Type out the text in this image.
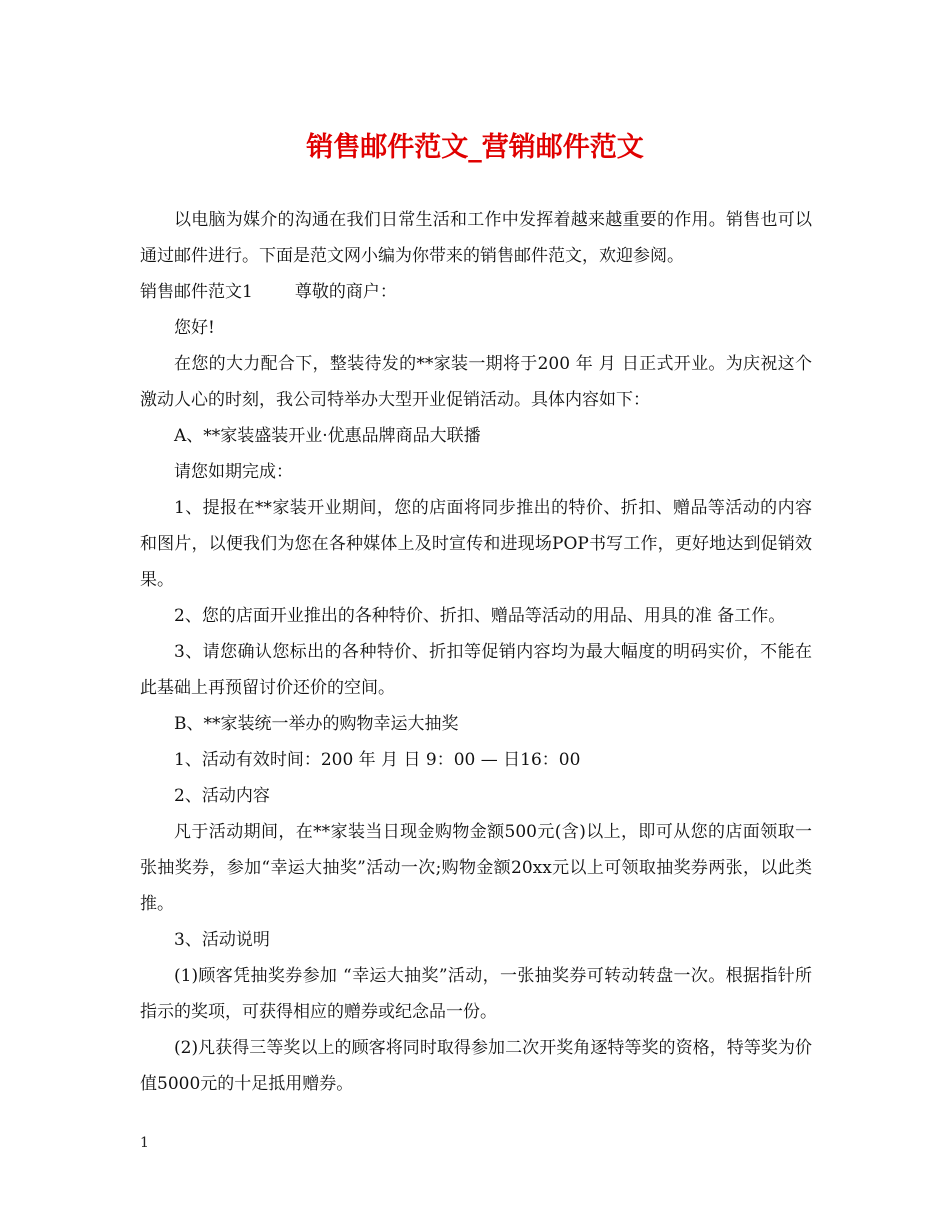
销售邮件范文_营销邮件范文

以电脑为媒介的沟通在我们日常生活和工作中发挥着越来越重要的作用。销售也可以通过邮件进行。下面是范文网小编为你带来的销售邮件范文，欢迎参阅。

销售邮件范文1 尊敬的商户：

您好!

在您的大力配合下，整装待发的**家装一期将于200 年 月 日正式开业。为庆祝这个激动人心的时刻，我公司特举办大型开业促销活动。具体内容如下：

A、**家装盛装开业·优惠品牌商品大联播

请您如期完成：

1、提报在**家装开业期间，您的店面将同步推出的特价、折扣、赠品等活动的内容和图片，以便我们为您在各种媒体上及时宣传和进现场POP书写工作，更好地达到促销效果。

2、您的店面开业推出的各种特价、折扣、赠品等活动的用品、用具的准 备工作。

3、请您确认您标出的各种特价、折扣等促销内容均为最大幅度的明码实价，不能在此基础上再预留讨价还价的空间。

B、**家装统一举办的购物幸运大抽奖

1、活动有效时间：200 年 月 日 9：00 — 日16：00

2、活动内容

凡于活动期间，在**家装当日现金购物金额500元(含)以上，即可从您的店面领取一张抽奖券，参加“幸运大抽奖”活动一次;购物金额20xx元以上可领取抽奖券两张，以此类推。

3、活动说明

(1)顾客凭抽奖券参加 “幸运大抽奖”活动，一张抽奖券可转动转盘一次。根据指针所指示的奖项，可获得相应的赠券或纪念品一份。

(2)凡获得三等奖以上的顾客将同时取得参加二次开奖角逐特等奖的资格，特等奖为价值5000元的十足抵用赠券。

1
